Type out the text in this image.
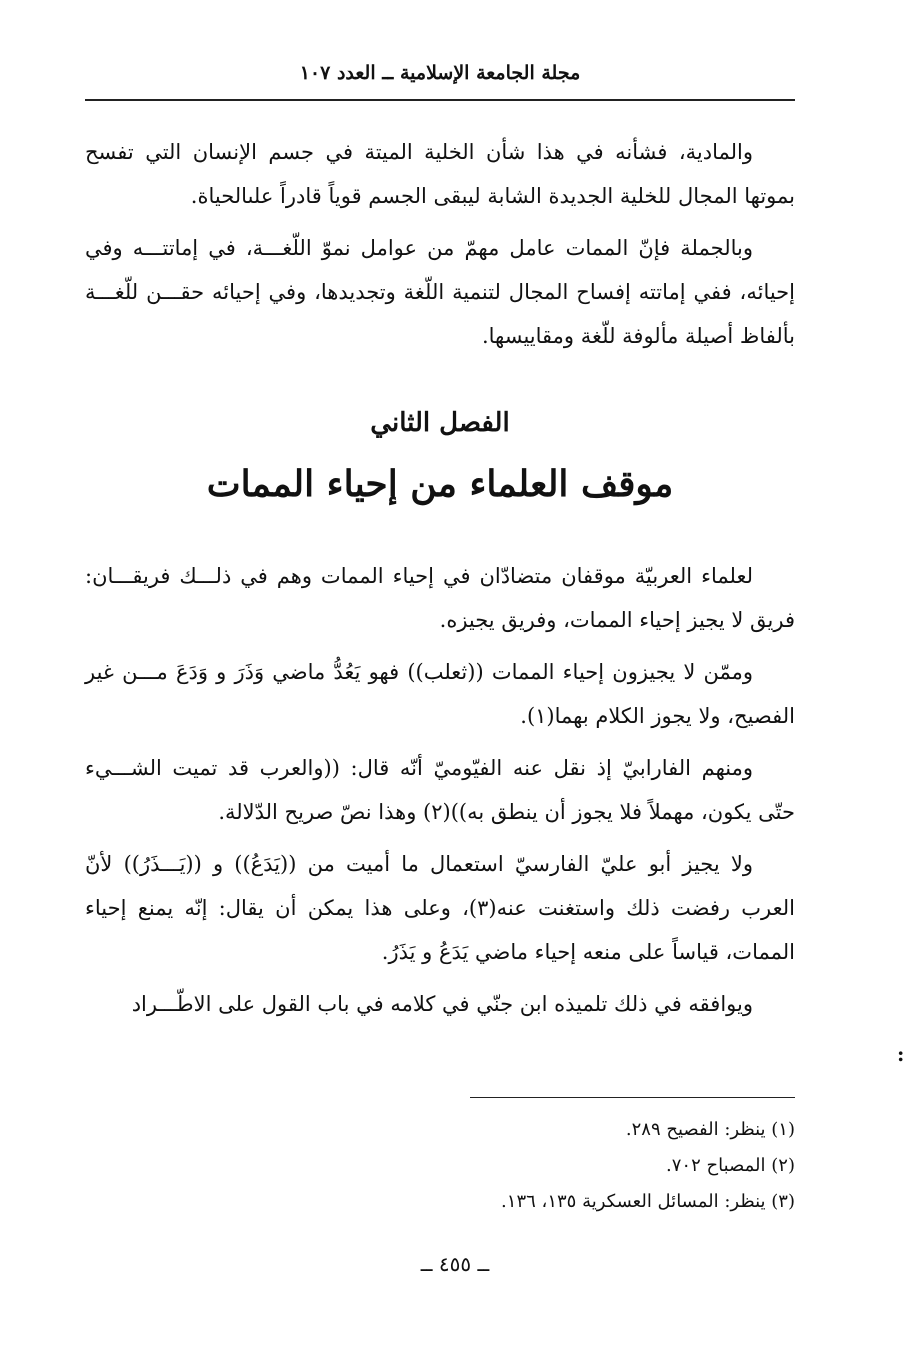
مجلة الجامعة الإسلامية ــ العدد ١٠٧

والمادية، فشأنه في هذا شأن الخلية الميتة في جسم الإنسان التي تفسح بموتها المجال للخلية الجديدة الشابة ليبقى الجسم قوياً قادراً علىالحياة.

وبالجملة فإنّ الممات عامل مهمّ من عوامل نموّ اللّغـــة، في إماتتـــه وفي إحيائه، ففي إماتته إفساح المجال لتنمية اللّغة وتجديدها، وفي إحيائه حقـــن للّغـــة بألفاظ أصيلة مألوفة للّغة ومقاييسها.

الفصل الثاني
موقف العلماء من إحياء الممات

لعلماء العربيّة موقفان متضادّان في إحياء الممات وهم في ذلـــك فريقـــان: فريق لا يجيز إحياء الممات، وفريق يجيزه.

وممّن لا يجيزون إحياء الممات ((ثعلب)) فهو يَعُدُّ ماضي وَذَرَ و وَدَعَ مـــن غير الفصيح، ولا يجوز الكلام بهما(١).

ومنهم الفارابيّ إذ نقل عنه الفيّوميّ أنّه قال: ((والعرب قد تميت الشـــيء حتّى يكون، مهملاً فلا يجوز أن ينطق به))(٢) وهذا نصّ صريح الدّلالة.

ولا يجيز أبو عليّ الفارسيّ استعمال ما أميت من ((يَدَعُ)) و ((يَـــذَرُ)) لأنّ العرب رفضت ذلك واستغنت عنه(٣)، وعلى هذا يمكن أن يقال: إنّه يمنع إحياء الممات، قياساً على منعه إحياء ماضي يَدَعُ و يَذَرُ.

ويوافقه في ذلك تلميذه ابن جنّي في كلامه في باب القول على الاطّـــراد

:
(١) ينظر: الفصيح ٢٨٩.
(٢) المصباح ٧٠٢.
(٣) ينظر: المسائل العسكرية ١٣٥، ١٣٦.
ــ ٤٥٥ ــ
